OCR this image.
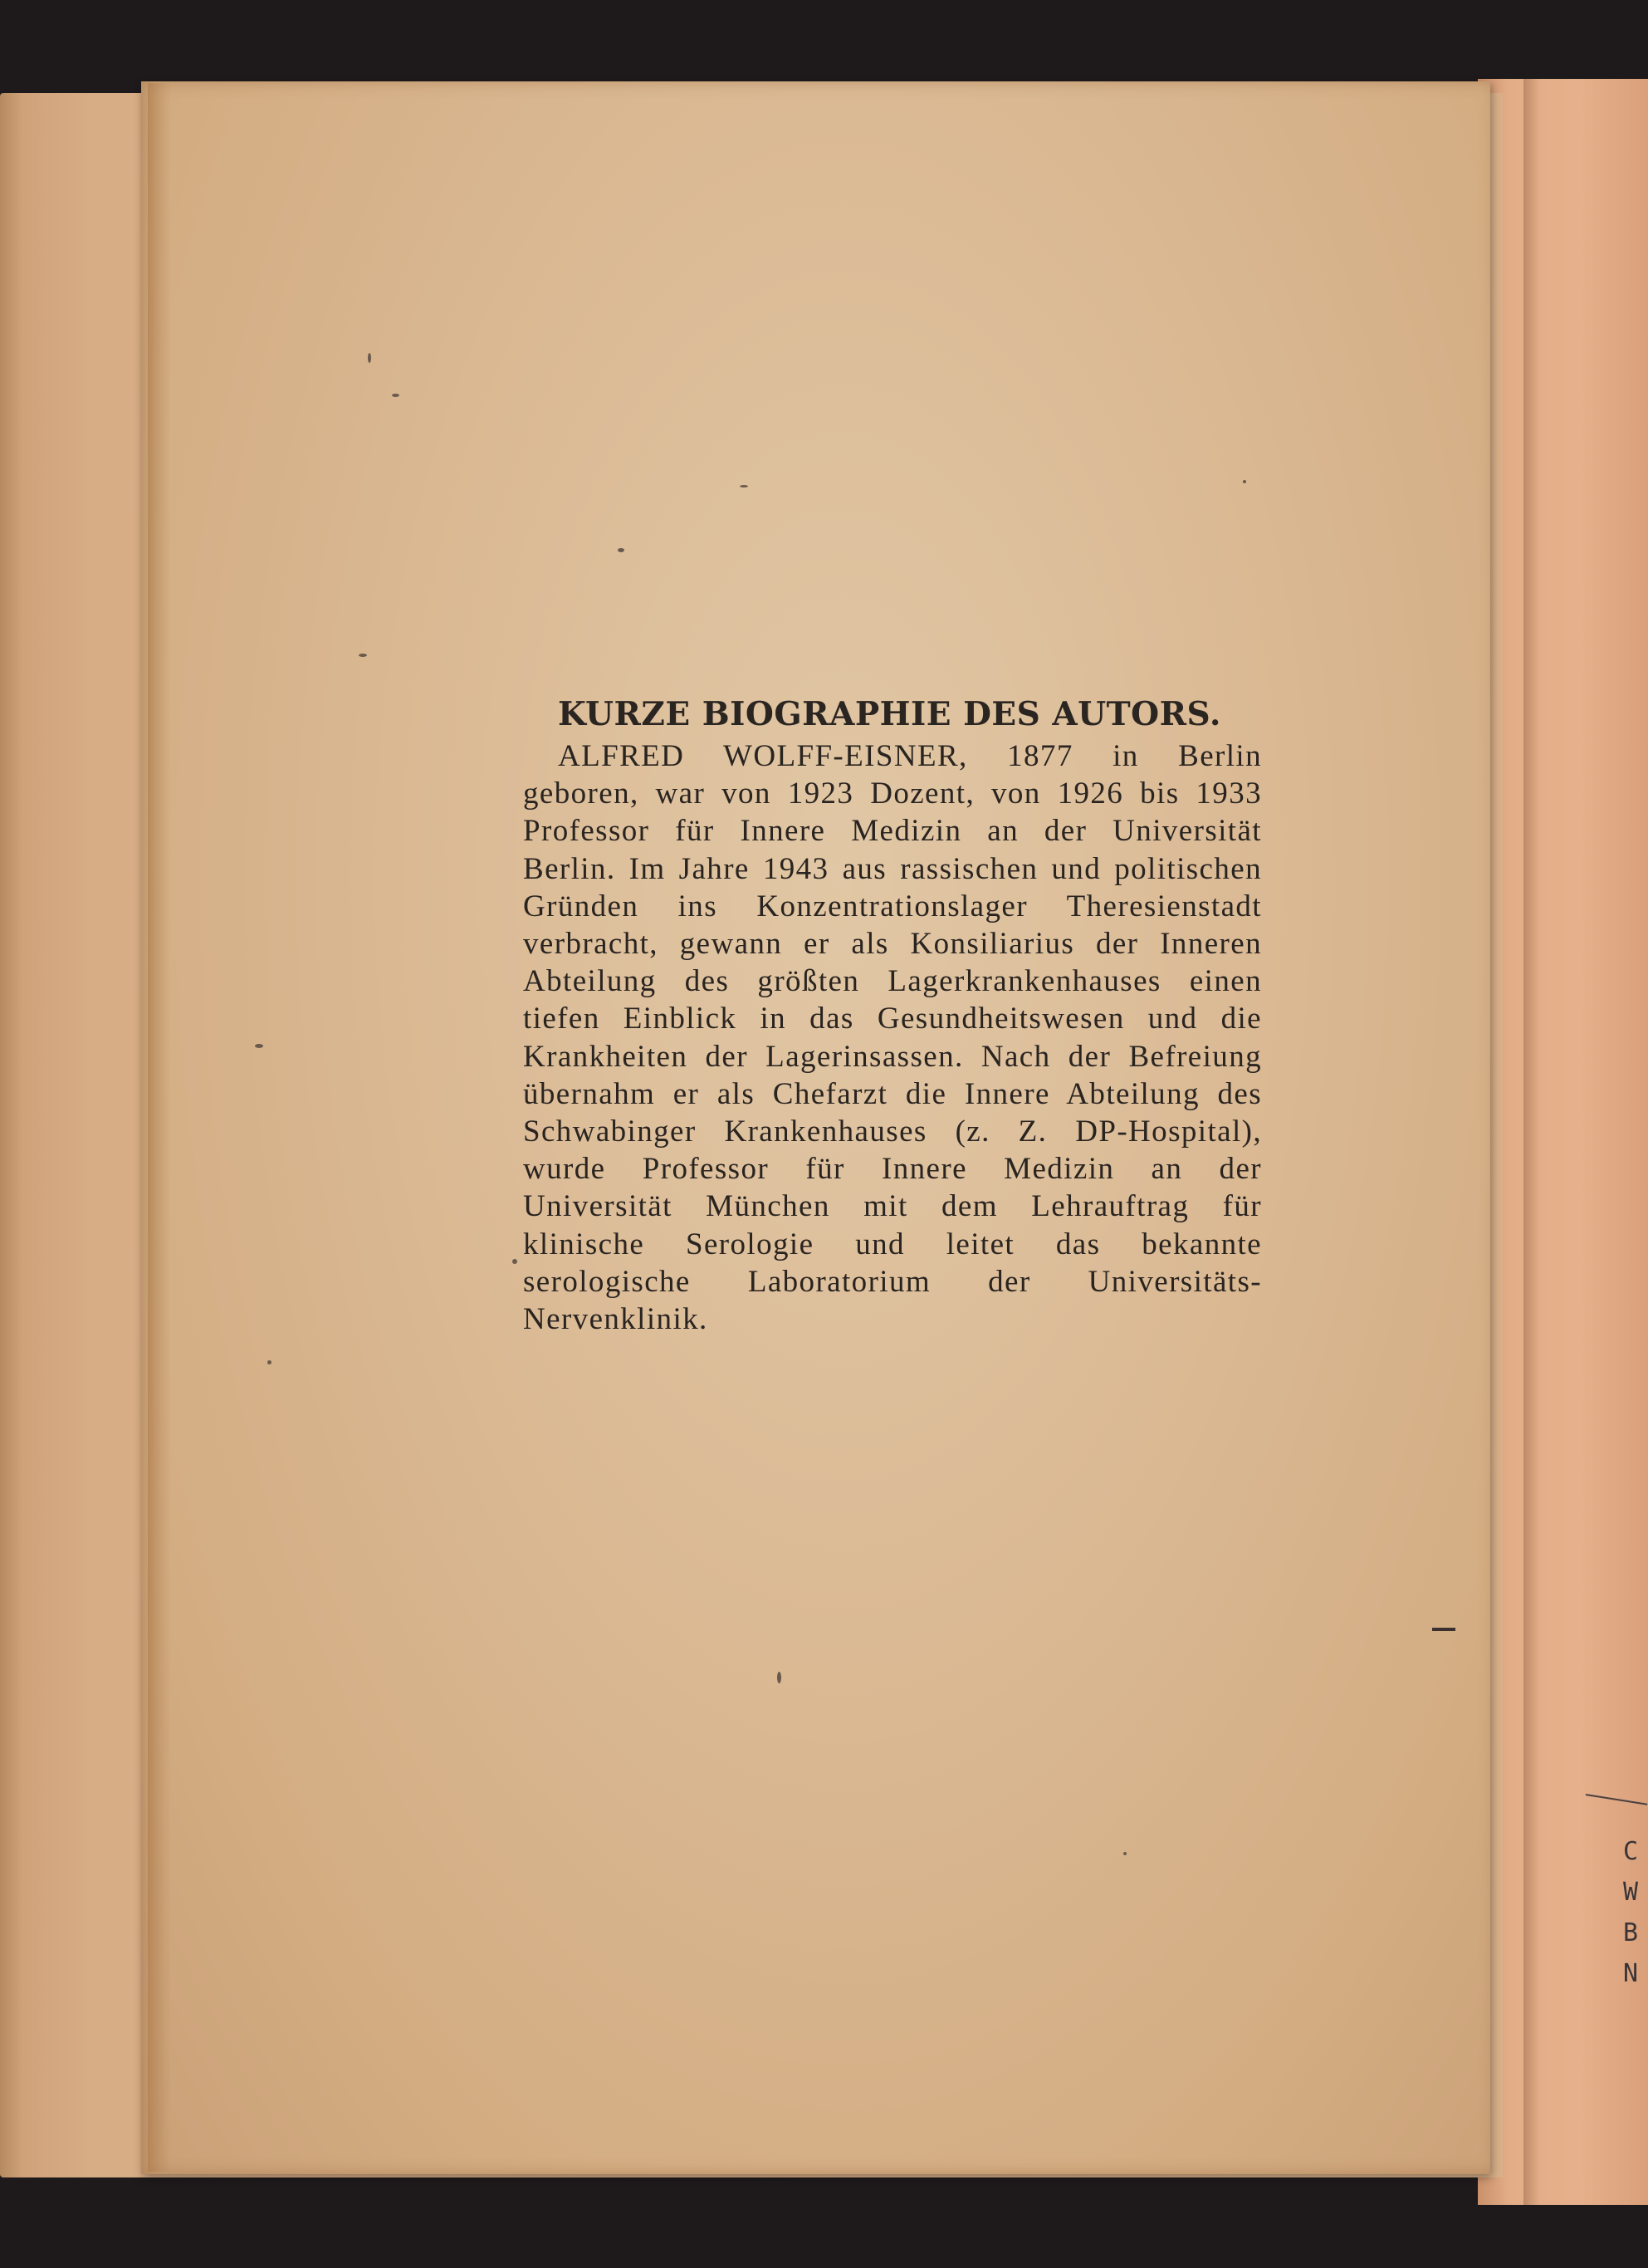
C
W
B
N
KURZE BIOGRAPHIE DES AUTORS.

ALFRED WOLFF-EISNER, 1877 in Berlin geboren, war von 1923 Dozent, von 1926 bis 1933 Professor für Innere Medizin an der Universität Berlin. Im Jahre 1943 aus rassischen und politischen Gründen ins Konzentrationslager Theresienstadt verbracht, gewann er als Konsiliarius der Inneren Abteilung des größten Lagerkrankenhauses einen tiefen Einblick in das Gesundheitswesen und die Krankheiten der Lagerinsassen. Nach der Befreiung übernahm er als Chefarzt die Innere Abteilung des Schwabinger Krankenhauses (z. Z. DP-Hospital), wurde Professor für Innere Medizin an der Universität München mit dem Lehrauftrag für klinische Serologie und leitet das bekannte serologische Laboratorium der Universitäts-Nervenklinik.
